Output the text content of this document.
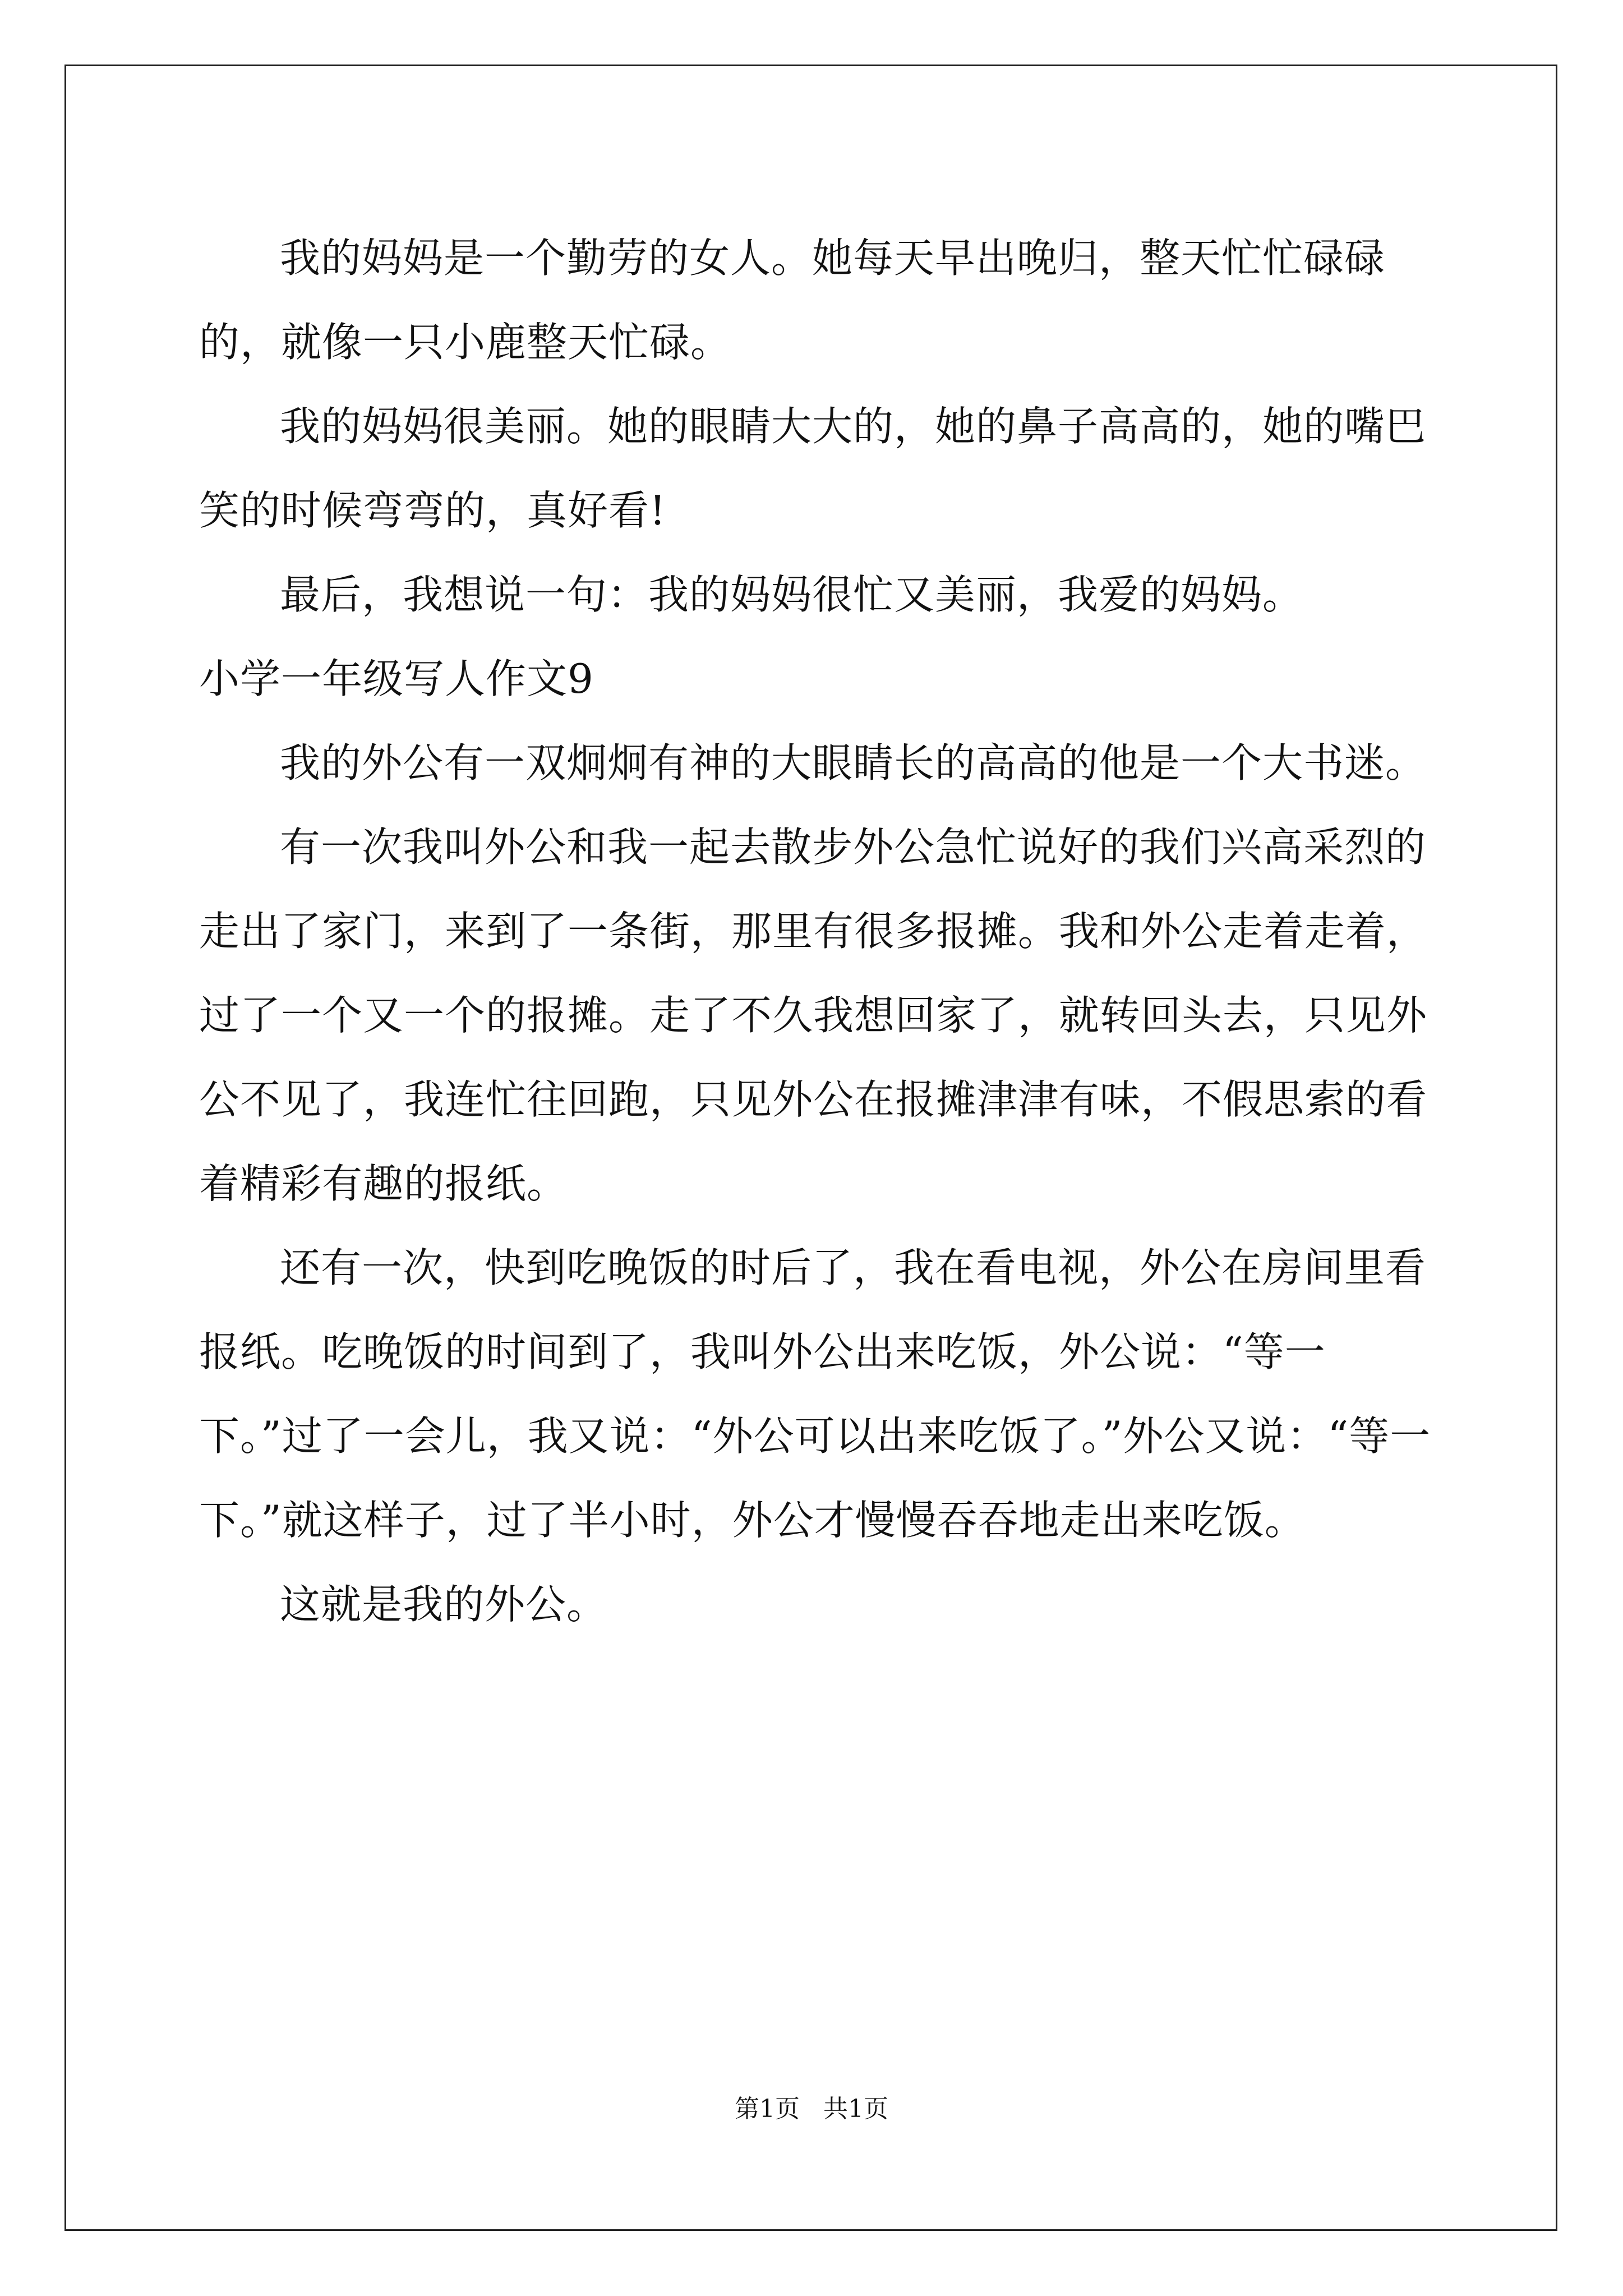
我的妈妈是一个勤劳的女人。她每天早出晚归，整天忙忙碌碌的，就像一只小鹿整天忙碌。

我的妈妈很美丽。她的眼睛大大的，她的鼻子高高的，她的嘴巴笑的时候弯弯的，真好看!

最后，我想说一句：我的妈妈很忙又美丽，我爱的妈妈。

小学一年级写人作文9

我的外公有一双炯炯有神的大眼睛长的高高的他是一个大书迷。

有一次我叫外公和我一起去散步外公急忙说好的我们兴高采烈的走出了家门，来到了一条街，那里有很多报摊。我和外公走着走着，过了一个又一个的报摊。走了不久我想回家了，就转回头去，只见外公不见了，我连忙往回跑，只见外公在报摊津津有味，不假思索的看着精彩有趣的报纸。

还有一次，快到吃晚饭的时后了，我在看电视，外公在房间里看报纸。吃晚饭的时间到了，我叫外公出来吃饭，外公说：“等一下。”过了一会儿，我又说：“外公可以出来吃饭了。”外公又说：“等一下。”就这样子，过了半小时，外公才慢慢吞吞地走出来吃饭。

这就是我的外公。

第1页 共1页
